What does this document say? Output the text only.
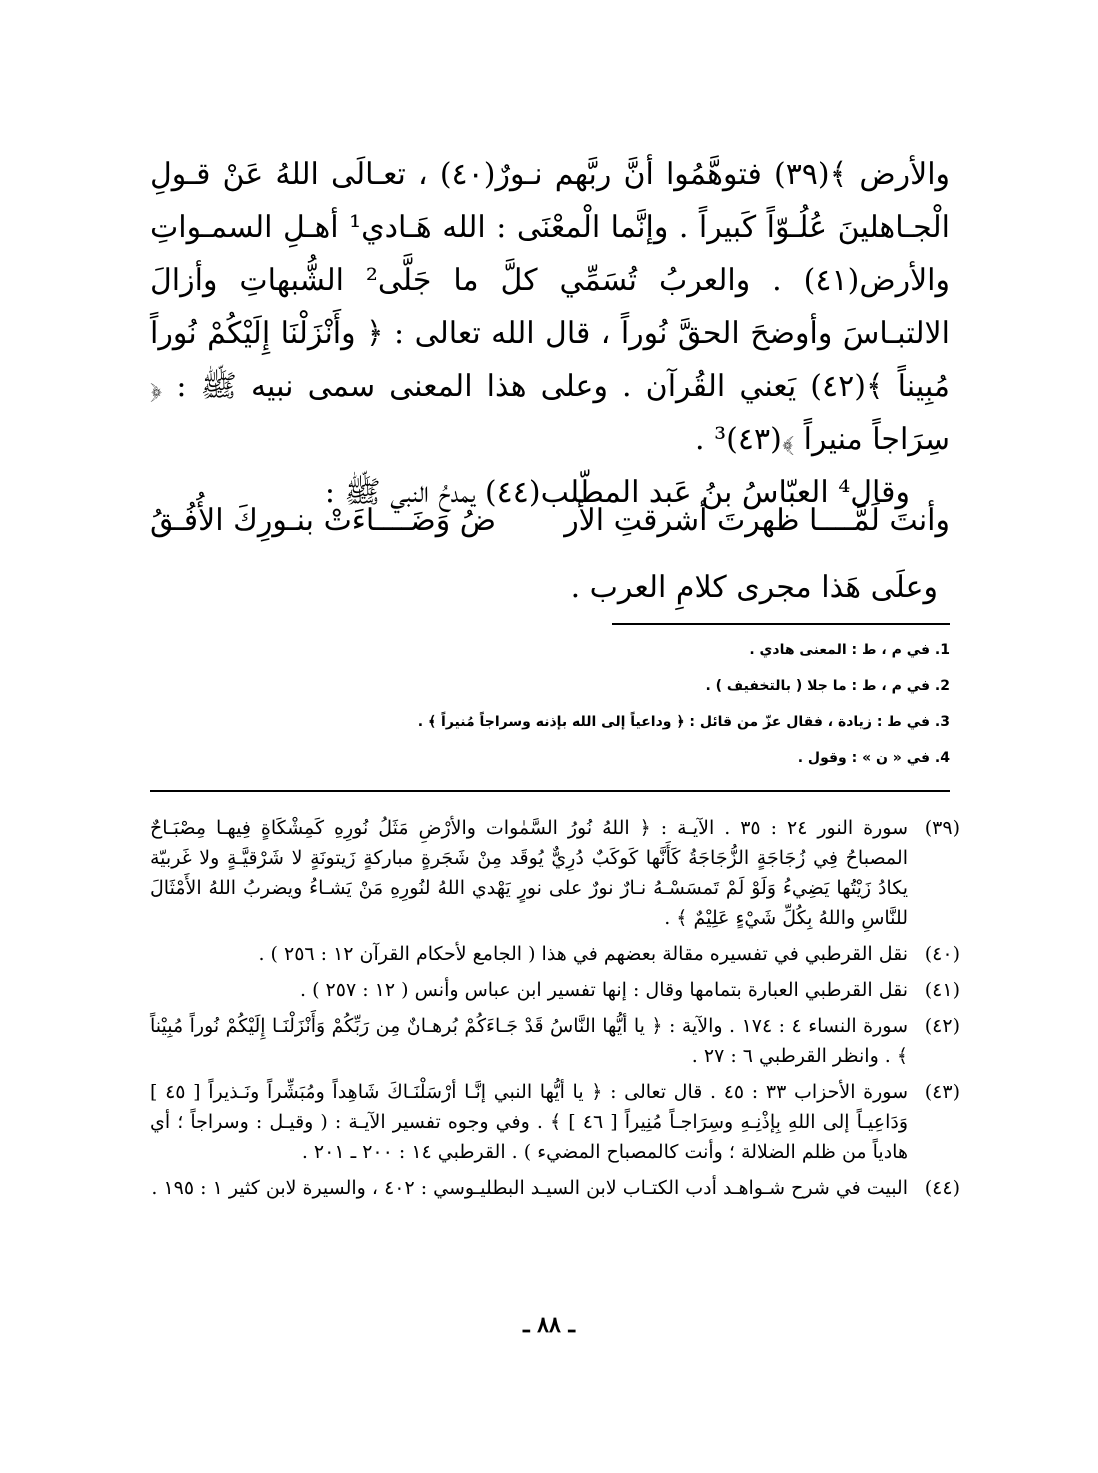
والأرض ﴾(٣٩) فتوهَّمُوا أنَّ ربَّهم نـورٌ(٤٠) ، تعـالَى اللهُ عَنْ قـولِ الْجـاهلينَ عُلُـوّاً كَبيراً . وإنَّما الْمعْنَى : الله هَـادي¹ أهـلِ السمـواتِ والأرض(٤١) . والعربُ تُسَمِّي كلَّ ما جَلَّى² الشُّبهاتِ وأزالَ الالتبـاسَ وأوضحَ الحقَّ نُوراً ، قال الله تعالى : ﴿ وأَنْزَلْنَا إِلَيْكُمْ نُوراً مُبِيناً ﴾(٤٢) يَعني القُرآن . وعلى هذا المعنى سمى نبيه ﷺ : ﴿ سِرَاجاً منيراً ﴾(٤٣)³ .

وقال⁴ العبّاسُ بنُ عَبد المطّلب(٤٤) يمدحُ النبي ﷺ :

وأنتَ لَمَّــــا ظهرتَ أشرقتِ الأر
ضُ وَضَــــاءَتْ بنـورِكَ الأُفُـقُ
وعلَى هَذا مجرى كلامِ العرب .
1. في م ، ط : المعنى هادي .
2. في م ، ط : ما جلا ( بالتخفيف ) .
3. في ط : زيادة ، فقال عزّ من قائل : ﴿ وداعياً إلى الله بإذنه وسراجاً مُنيراً ﴾ .
4. في « ن » : وقول .
(٣٩)
سورة النور ٢٤ : ٣٥ . الآيـة : ﴿ اللهُ نُورُ السَّمٰوات والأرْضِ مَثَلُ نُورِهِ كَمِشْكَاةٍ فِيهـا مِصْبَـاحٌ المصباحُ فِي زُجَاجَةٍ الزُّجَاجَةُ كَأَنَّها كَوكَبٌ دُرِيٌّ يُوقَد مِنْ شَجَرةٍ مباركةٍ زَيتونَةٍ لا شَرْقيَّـةٍ ولا غَربيّة يكادُ زَيْتُها يَضِيءُ وَلَوْ لَمْ تَمسَسْـهُ نـارٌ نورٌ على نورٍ يَهْدي اللهُ لنُورِهِ مَنْ يَشـاءُ ويضربُ اللهُ الأَمْثَالَ للنَّاسِ واللهُ بِكُلِّ شَيْءٍ عَلِيْمٌ ﴾ .
(٤٠)
نقل القرطبي في تفسيره مقالة بعضهم في هذا ( الجامع لأحكام القرآن ١٢ : ٢٥٦ ) .
(٤١)
نقل القرطبي العبارة بتمامها وقال : إنها تفسير ابن عباس وأنس ( ١٢ : ٢٥٧ ) .
(٤٢)
سورة النساء ٤ : ١٧٤ . والآية : ﴿ يا أيُّها النَّاسُ قَدْ جَـاءَكُمْ بُرهـانٌ مِن رَبِّكُمْ وَأَنْزَلْنَـا إِلَيْكُمْ نُوراً مُبِيْناً ﴾ . وانظر القرطبي ٦ : ٢٧ .
(٤٣)
سورة الأحزاب ٣٣ : ٤٥ . قال تعالى : ﴿ يا أيُّها النبي إنَّـا أرْسَلْنَـاكَ شَاهِداً ومُبَشِّراً ونَـذيراً [ ٤٥ ] وَدَاعِيـاً إلى اللهِ بِإذْنِـهِ وسِرَاجـاً مُنِيراً [ ٤٦ ] ﴾ . وفي وجوه تفسير الآيـة : ( وقيـل : وسراجاً ؛ أي هادياً من ظلم الضلالة ؛ وأنت كالمصباح المضيء ) . القرطبي ١٤ : ٢٠٠ ـ ٢٠١ .
(٤٤)
البيت في شرح شـواهـد أدب الكتـاب لابن السيـد البطليـوسي : ٤٠٢ ، والسيرة لابن كثير ١ : ١٩٥ .
ـ ٨٨ ـ
